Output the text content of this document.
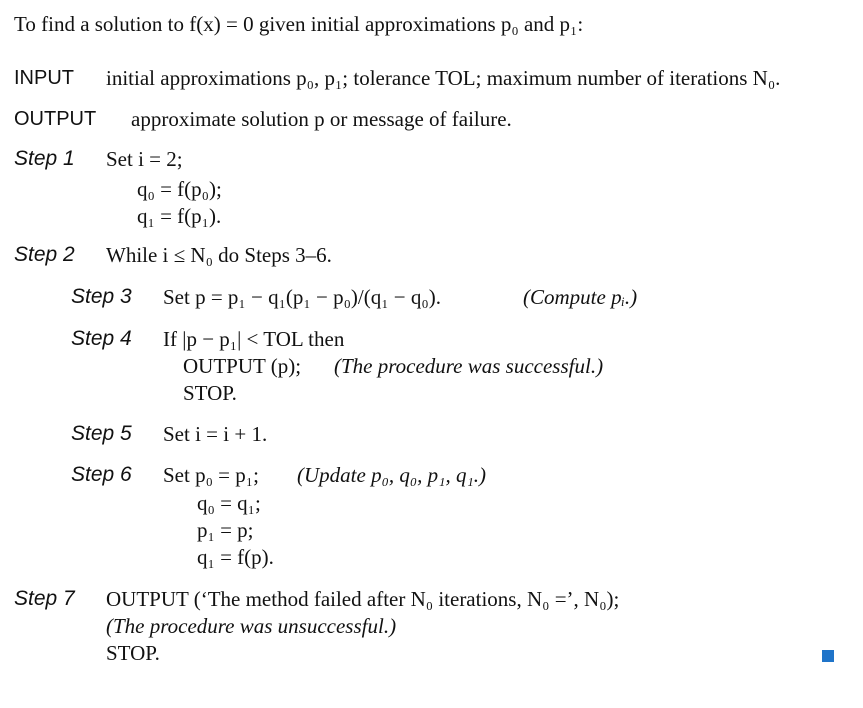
To find a solution to f(x) = 0 given initial approximations p₀ and p₁:
INPUT initial approximations p₀, p₁; tolerance TOL; maximum number of iterations N₀.
OUTPUT approximate solution p or message of failure.
Step 1 Set i = 2;
q₀ = f(p₀);
q₁ = f(p₁).
Step 2 While i ≤ N₀ do Steps 3–6.
Step 3 Set p = p₁ − q₁(p₁ − p₀)/(q₁ − q₀).	(Compute pᵢ.)
Step 4 If |p − p₁| < TOL then
OUTPUT (p); (The procedure was successful.)
STOP.
Step 5 Set i = i + 1.
Step 6 Set p₀ = p₁; (Update p₀, q₀, p₁, q₁.)
q₀ = q₁;
p₁ = p;
q₁ = f(p).
Step 7 OUTPUT (‘The method failed after N₀ iterations, N₀ =’, N₀);
(The procedure was unsuccessful.)
STOP.
